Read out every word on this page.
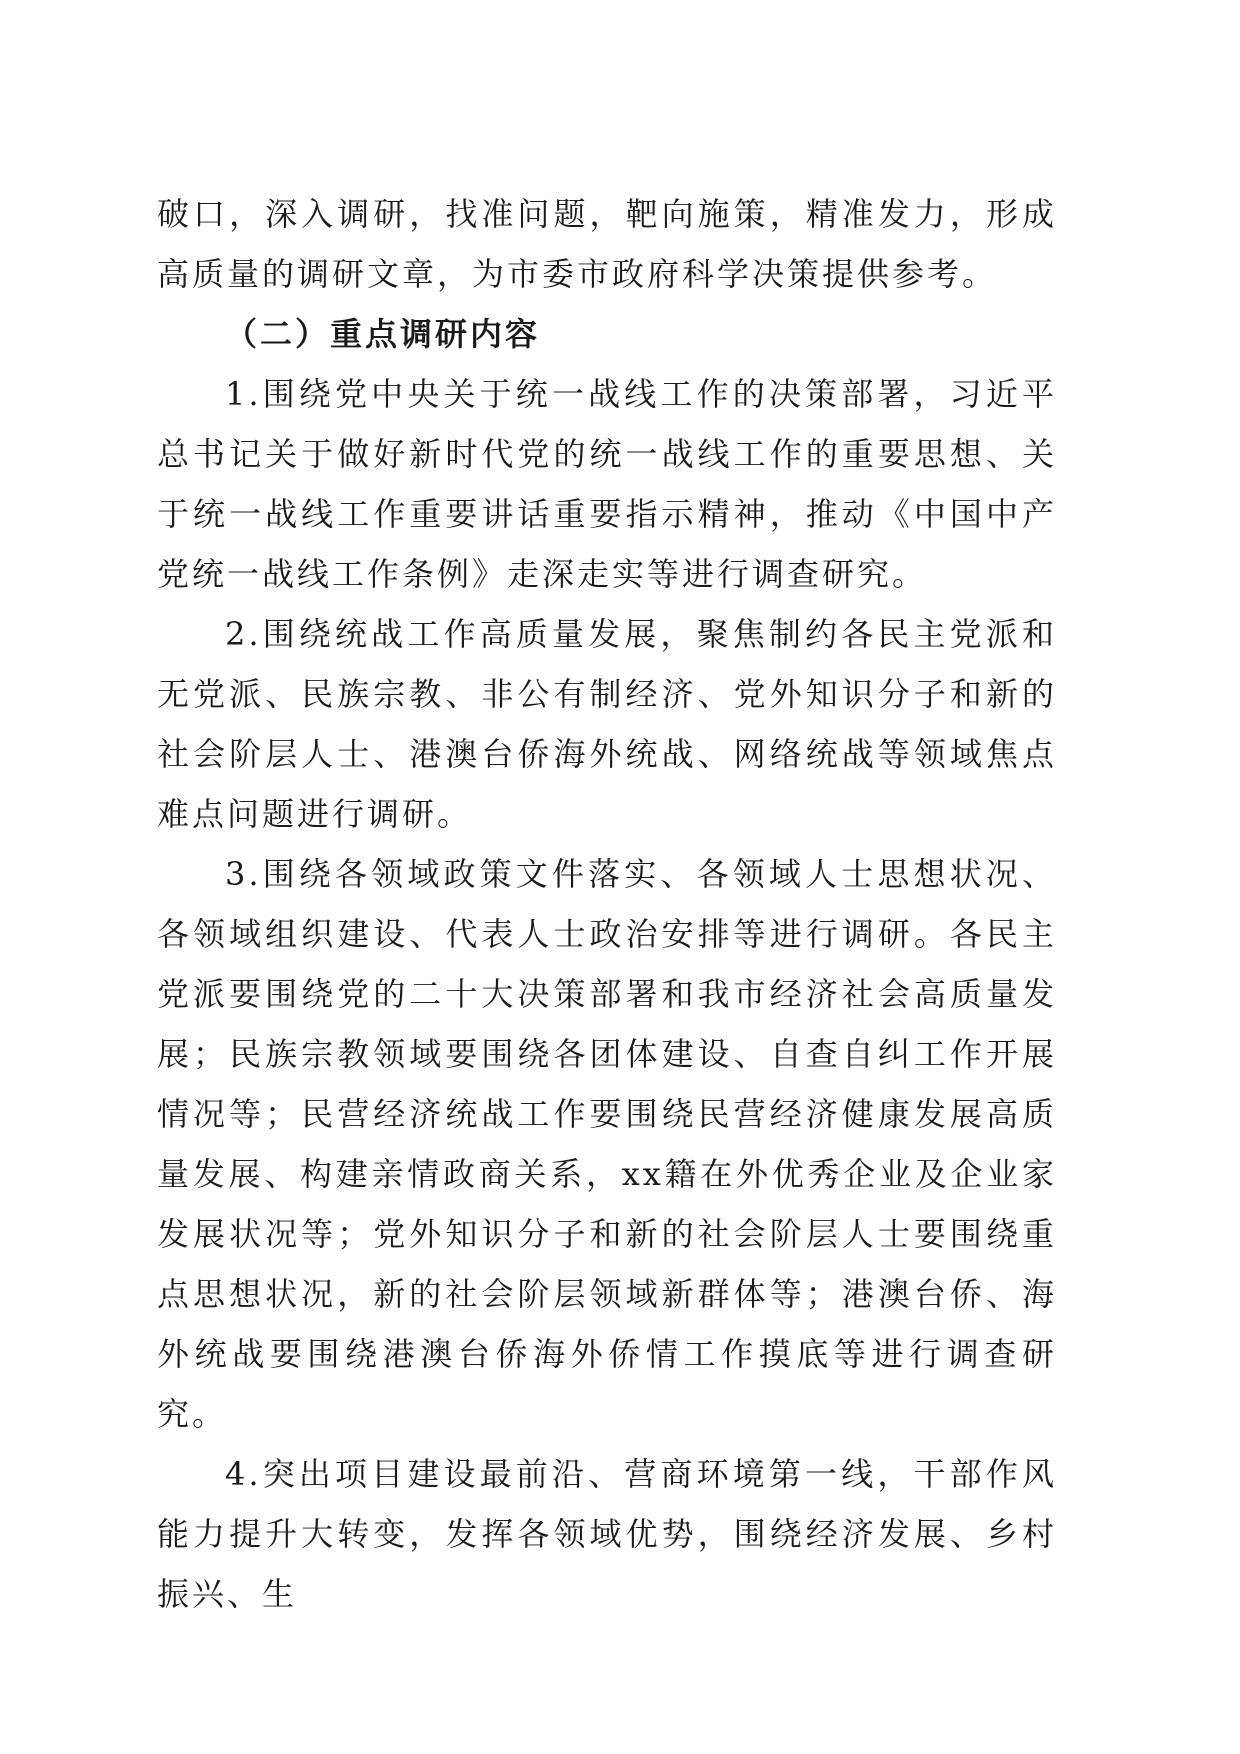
破口，深入调研，找准问题，靶向施策，精准发力，形成高质量的调研文章，为市委市政府科学决策提供参考。

（二）重点调研内容

1.围绕党中央关于统一战线工作的决策部署，习近平总书记关于做好新时代党的统一战线工作的重要思想、关于统一战线工作重要讲话重要指示精神，推动《中国中产党统一战线工作条例》走深走实等进行调查研究。

2.围绕统战工作高质量发展，聚焦制约各民主党派和无党派、民族宗教、非公有制经济、党外知识分子和新的社会阶层人士、港澳台侨海外统战、网络统战等领域焦点难点问题进行调研。

3.围绕各领域政策文件落实、各领域人士思想状况、各领域组织建设、代表人士政治安排等进行调研。各民主党派要围绕党的二十大决策部署和我市经济社会高质量发展；民族宗教领域要围绕各团体建设、自查自纠工作开展情况等；民营经济统战工作要围绕民营经济健康发展高质量发展、构建亲情政商关系，xx籍在外优秀企业及企业家发展状况等；党外知识分子和新的社会阶层人士要围绕重点思想状况，新的社会阶层领域新群体等；港澳台侨、海外统战要围绕港澳台侨海外侨情工作摸底等进行调查研究。

4.突出项目建设最前沿、营商环境第一线，干部作风能力提升大转变，发挥各领域优势，围绕经济发展、乡村振兴、生
